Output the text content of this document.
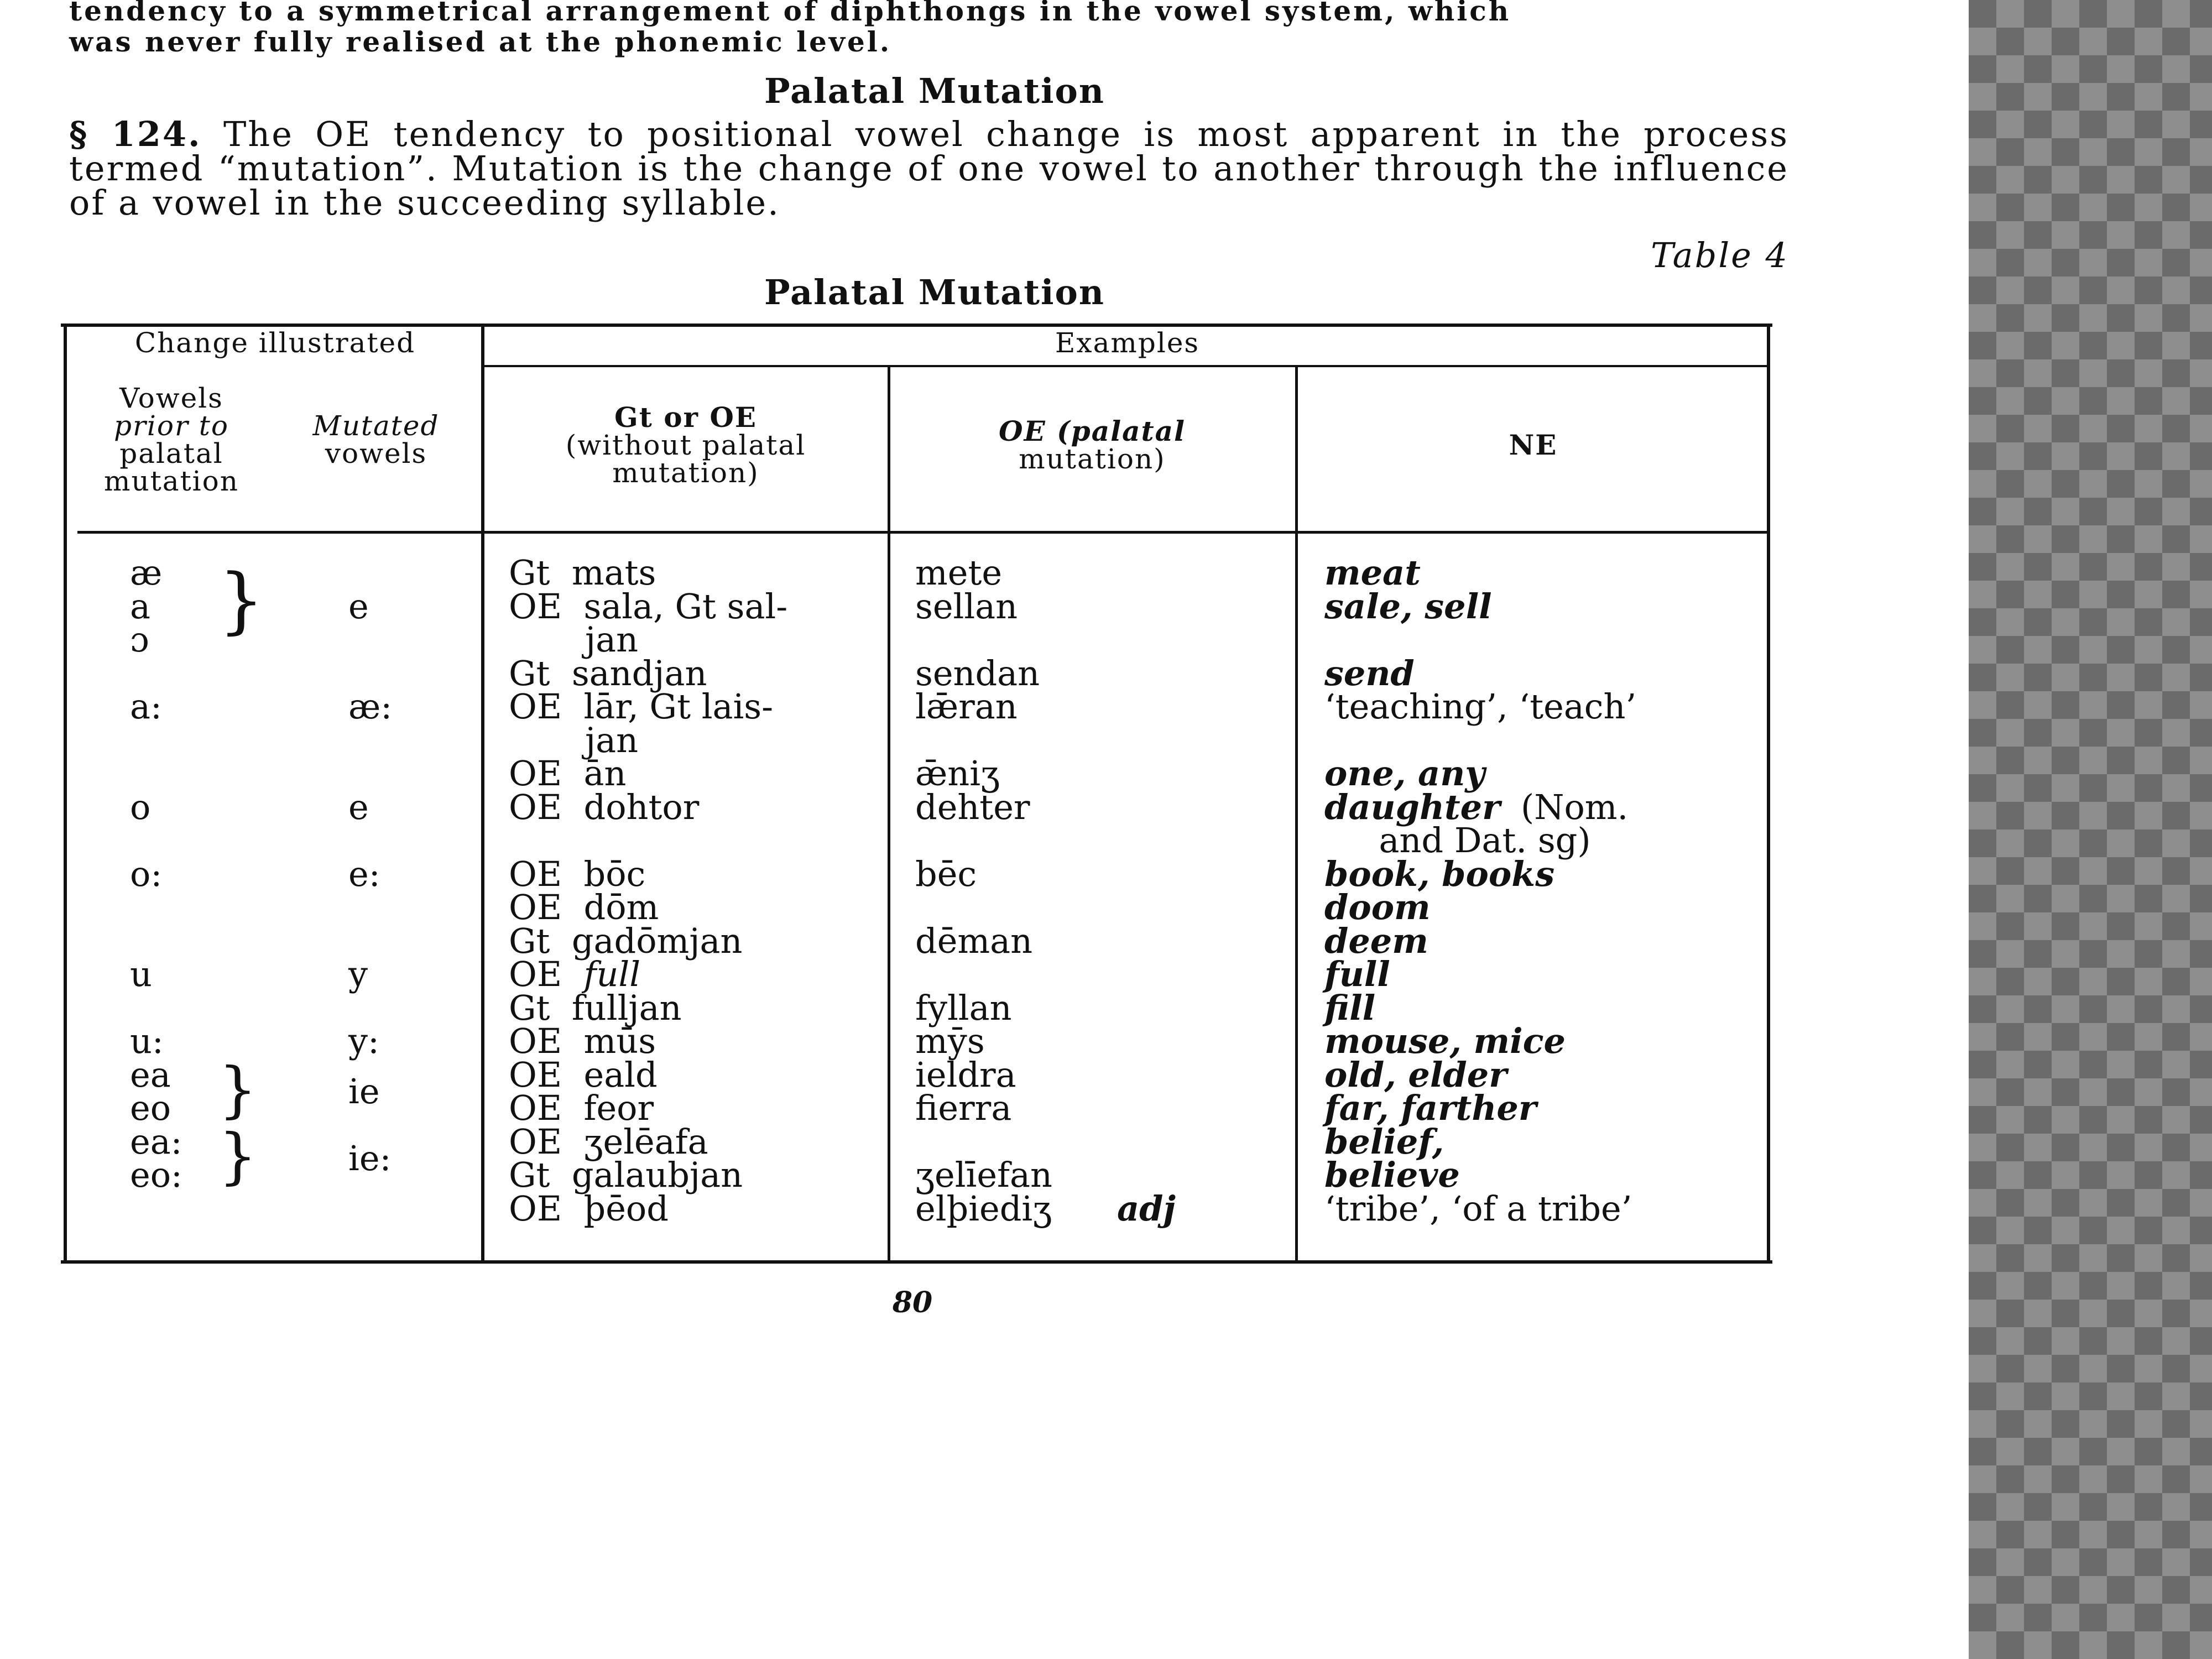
tendency to a symmetrical arrangement of diphthongs in the vowel system, which
was never fully realised at the phonemic level.
Palatal Mutation
§ 124. The OE tendency to positional vowel change is most apparent in the process termed “mutation”. Mutation is the change of one vowel to another through the influence of a vowel in the succeeding syllable.
Table 4
Palatal Mutation
Change illustrated	Examples
Vowels
prior to
palatal
mutation
Mutated
vowels
Gt or OE
(without palatal
mutation)
OE (palatal
mutation)	NE
}
}
}
æ
a
ɔ
a:
o
o:
u
u:
ea
eo
ea:
eo:
e
æ:
e
e:
y
y:
ie
ie:
Gt  mats
OE  sala, Gt sal-
jan
Gt  sandjan
OE  lār, Gt lais-
jan
OE  ān
OE  dohtor
OE  bōc
OE  dōm
Gt  gadōmjan
OE  full
Gt  fulljan
OE  mūs
OE  eald
OE  feor
OE  ʒelēafa
Gt  galaubjan
OE  þēod
mete
sellan
sendan
lǣran
ǣniʒ
dehter
bēc
dēman
fyllan
mȳs
ieldra
fierra
ʒelīefan
elþiediʒ adj
meat
sale, sell
send
‘teaching’, ‘teach’
one, any
daughter
and Dat. sg)
book, books
doom
deem
full
fill
mouse, mice
old, elder
far, farther
belief,
believe
‘tribe’, ‘of a tribe’
(Nom.
80
